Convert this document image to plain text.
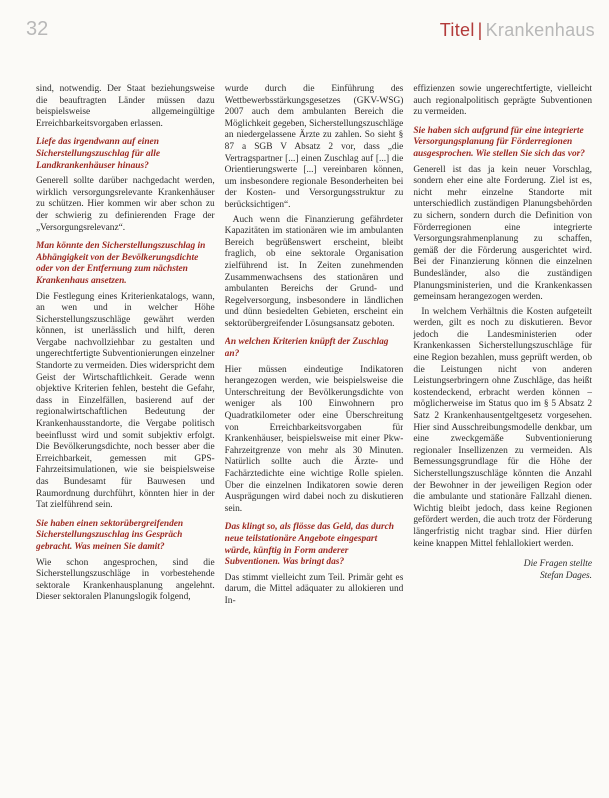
32	Titel | Krankenhaus

sind, notwendig. Der Staat beziehungsweise die beauftragten Länder müssen dazu beispielsweise allgemeingültige Erreichbarkeitsvorgaben erlassen.

Liefe das irgendwann auf einen Sicherstellungszuschlag für alle Landkrankenhäuser hinaus?

Generell sollte darüber nachgedacht werden, wirklich versorgungsrelevante Krankenhäuser zu schützen. Hier kommen wir aber schon zu der schwierig zu definierenden Frage der „Versorgungsrelevanz“.

Man könnte den Sicherstellungszuschlag in Abhängigkeit von der Bevölkerungsdichte oder von der Entfernung zum nächsten Krankenhaus ansetzen.

Die Festlegung eines Kriterienkatalogs, wann, an wen und in welcher Höhe Sicherstellungszuschläge gewährt werden können, ist unerlässlich und hilft, deren Vergabe nachvollziehbar zu gestalten und ungerechtfertigte Subventionierungen einzelner Standorte zu vermeiden. Dies widerspricht dem Geist der Wirtschaftlichkeit. Gerade wenn objektive Kriterien fehlen, besteht die Gefahr, dass in Einzelfällen, basierend auf der regionalwirtschaftlichen Bedeutung der Krankenhausstandorte, die Vergabe politisch beeinflusst wird und somit subjektiv erfolgt. Die Bevölkerungsdichte, noch besser aber die Erreichbarkeit, gemessen mit GPS-Fahrzeitsimulationen, wie sie beispielsweise das Bundesamt für Bauwesen und Raumordnung durchführt, könnten hier in der Tat zielführend sein.

Sie haben einen sektorübergreifenden Sicherstellungszuschlag ins Gespräch gebracht. Was meinen Sie damit?

Wie schon angesprochen, sind die Sicherstellungszuschläge in vorbestehende sektorale Krankenhausplanung angelehnt. Dieser sektoralen Planungslogik folgend,

wurde durch die Einführung des Wettbewerbsstärkungsgesetzes (GKV-WSG) 2007 auch dem ambulanten Bereich die Möglichkeit gegeben, Sicherstellungszuschläge an niedergelassene Ärzte zu zahlen. So sieht § 87 a SGB V Absatz 2 vor, dass „die Vertragspartner [...] einen Zuschlag auf [...] die Orientierungswerte [...] vereinbaren können, um insbesondere regionale Besonderheiten bei der Kosten- und Versorgungsstruktur zu berücksichtigen“.

Auch wenn die Finanzierung gefährdeter Kapazitäten im stationären wie im ambulanten Bereich begrüßenswert erscheint, bleibt fraglich, ob eine sektorale Organisation zielführend ist. In Zeiten zunehmenden Zusammenwachsens des stationären und ambulanten Bereichs der Grund- und Regelversorgung, insbesondere in ländlichen und dünn besiedelten Gebieten, erscheint ein sektorübergreifender Lösungsansatz geboten.

An welchen Kriterien knüpft der Zuschlag an?

Hier müssen eindeutige Indikatoren herangezogen werden, wie beispielsweise die Unterschreitung der Bevölkerungsdichte von weniger als 100 Einwohnern pro Quadratkilometer oder eine Überschreitung von Erreichbarkeitsvorgaben für Krankenhäuser, beispielsweise mit einer Pkw-Fahrzeitgrenze von mehr als 30 Minuten. Natürlich sollte auch die Ärzte- und Fachärztedichte eine wichtige Rolle spielen. Über die einzelnen Indikatoren sowie deren Ausprägungen wird dabei noch zu diskutieren sein.

Das klingt so, als flösse das Geld, das durch neue teilstationäre Angebote eingespart würde, künftig in Form anderer Subventionen. Was bringt das?

Das stimmt vielleicht zum Teil. Primär geht es darum, die Mittel adäquater zu allokieren und In-

effizienzen sowie ungerechtfertigte, vielleicht auch regionalpolitisch geprägte Subventionen zu vermeiden.

Sie haben sich aufgrund für eine integrierte Versorgungsplanung für Förderregionen ausgesprochen. Wie stellen Sie sich das vor?

Generell ist das ja kein neuer Vorschlag, sondern eher eine alte Forderung. Ziel ist es, nicht mehr einzelne Standorte mit unterschiedlich zuständigen Planungsbehörden zu sichern, sondern durch die Definition von Förderregionen eine integrierte Versorgungsrahmenplanung zu schaffen, gemäß der die Förderung ausgerichtet wird. Bei der Finanzierung können die einzelnen Bundesländer, also die zuständigen Planungsministerien, und die Krankenkassen gemeinsam herangezogen werden.

In welchem Verhältnis die Kosten aufgeteilt werden, gilt es noch zu diskutieren. Bevor jedoch die Landesministerien oder Krankenkassen Sicherstellungszuschläge für eine Region bezahlen, muss geprüft werden, ob die Leistungen nicht von anderen Leistungserbringern ohne Zuschläge, das heißt kostendeckend, erbracht werden können – möglicherweise im Status quo im § 5 Absatz 2 Satz 2 Krankenhausentgeltgesetz vorgesehen. Hier sind Ausschreibungsmodelle denkbar, um eine zweckgemäße Subventionierung regionaler Insellizenzen zu vermeiden. Als Bemessungsgrundlage für die Höhe der Sicherstellungszuschläge könnten die Anzahl der Bewohner in der jeweiligen Region oder die ambulante und stationäre Fallzahl dienen. Wichtig bleibt jedoch, dass keine Regionen gefördert werden, die auch trotz der Förderung längerfristig nicht tragbar sind. Hier dürfen keine knappen Mittel fehlallokiert werden.

Die Fragen stellte
Stefan Dages.
